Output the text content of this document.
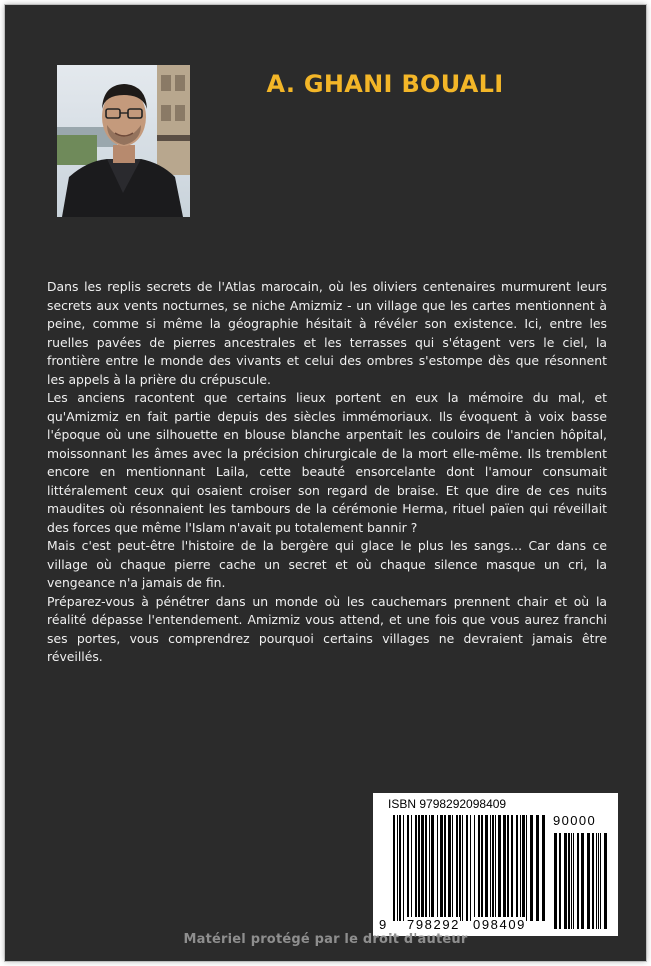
A. GHANI BOUALI

Dans les replis secrets de l'Atlas marocain, où les oliviers centenaires murmurent leurs secrets aux vents nocturnes, se niche Amizmiz - un village que les cartes mentionnent à peine, comme si même la géographie hésitait à révéler son existence. Ici, entre les ruelles pavées de pierres ancestrales et les terrasses qui s'étagent vers le ciel, la frontière entre le monde des vivants et celui des ombres s'estompe dès que résonnent les appels à la prière du crépuscule.

Les anciens racontent que certains lieux portent en eux la mémoire du mal, et qu'Amizmiz en fait partie depuis des siècles immémoriaux. Ils évoquent à voix basse l'époque où une silhouette en blouse blanche arpentait les couloirs de l'ancien hôpital, moissonnant les âmes avec la précision chirurgicale de la mort elle-même. Ils tremblent encore en mentionnant Laila, cette beauté ensorcelante dont l'amour consumait littéralement ceux qui osaient croiser son regard de braise. Et que dire de ces nuits maudites où résonnaient les tambours de la cérémonie Herma, rituel païen qui réveillait des forces que même l'Islam n'avait pu totalement bannir ?

Mais c'est peut-être l'histoire de la bergère qui glace le plus les sangs... Car dans ce village où chaque pierre cache un secret et où chaque silence masque un cri, la vengeance n'a jamais de fin.

Préparez-vous à pénétrer dans un monde où les cauchemars prennent chair et où la réalité dépasse l'entendement. Amizmiz vous attend, et une fois que vous aurez franchi ses portes, vous comprendrez pourquoi certains villages ne devraient jamais être réveillés.

ISBN 9798292098409
9 798292 098409
90000
Matériel protégé par le droit d'auteur
